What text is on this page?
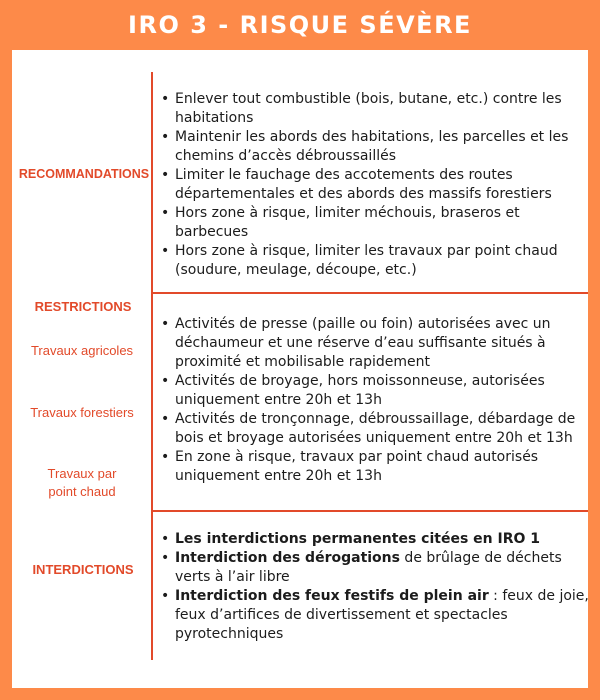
IRO 3 - RISQUE SÉVÈRE
RECOMMANDATIONS
• Enlever tout combustible (bois, butane, etc.) contre les habitations
• Maintenir les abords des habitations, les parcelles et les chemins d’accès débroussaillés
• Limiter le fauchage des accotements des routes départementales et des abords des massifs forestiers
• Hors zone à risque, limiter méchouis, braseros et barbecues
• Hors zone à risque, limiter les travaux par point chaud (soudure, meulage, découpe, etc.)
RESTRICTIONS
Travaux agricoles
Travaux forestiers
Travaux par point chaud
• Activités de presse (paille ou foin) autorisées avec un déchaumeur et une réserve d’eau suffisante situés à proximité et mobilisable rapidement
• Activités de broyage, hors moissonneuse, autorisées uniquement entre 20h et 13h
• Activités de tronçonnage, débroussaillage, débardage de bois et broyage autorisées uniquement entre 20h et 13h
• En zone à risque, travaux par point chaud autorisés uniquement entre 20h et 13h
INTERDICTIONS
• Les interdictions permanentes citées en IRO 1
• Interdiction des dérogations de brûlage de déchets verts à l’air libre
• Interdiction des feux festifs de plein air : feux de joie, feux d’artifices de divertissement et spectacles pyrotechniques
